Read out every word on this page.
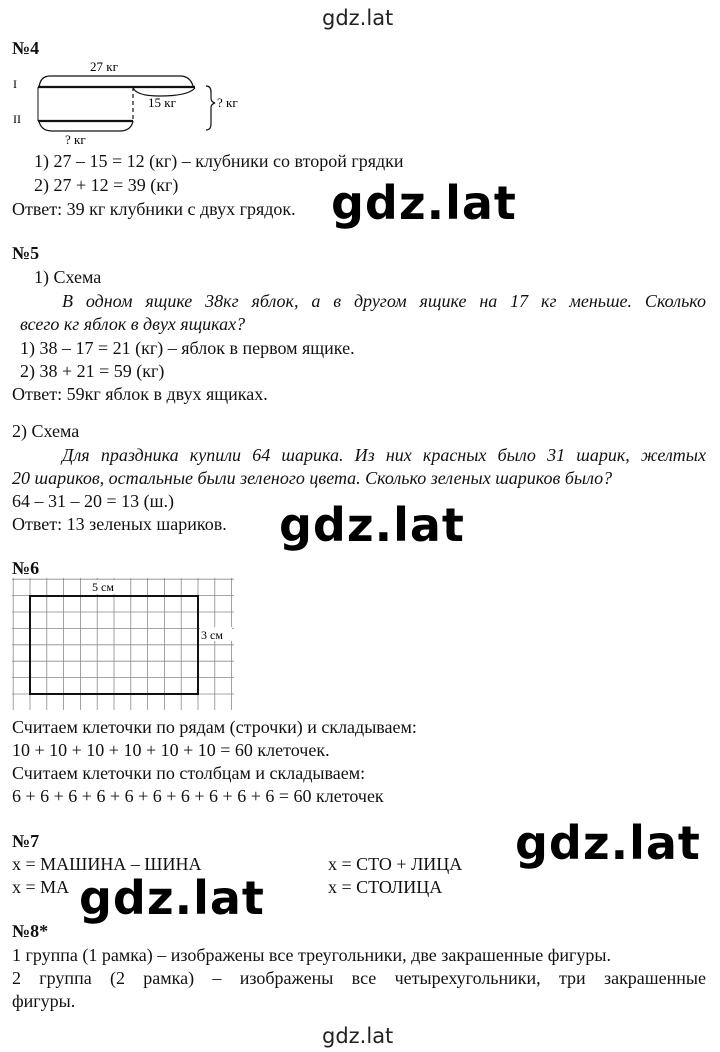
gdz.lat
№4
I
II
27 кг
15 кг
? кг
? кг
1) 27 – 15 = 12 (кг) – клубники со второй грядки
2) 27 + 12 = 39 (кг)
Ответ: 39 кг клубники с двух грядок. gdz.lat
№5
1) Схема
В одном ящике 38кг яблок, а в другом ящике на 17 кг меньше. Сколько
всего кг яблок в двух ящиках?
1) 38 – 17 = 21 (кг) – яблок в первом ящике.
2) 38 + 21 = 59 (кг)
Ответ: 59кг яблок в двух ящиках.
2) Схема
Для праздника купили 64 шарика. Из них красных было 31 шарик, желтых
20 шариков, остальные были зеленого цвета. Сколько зеленых шариков было?
64 – 31 – 20 = 13 (ш.)
Ответ: 13 зеленых шариков. gdz.lat
№6
5 см
3 см
Считаем клеточки по рядам (строчки) и складываем:
10 + 10 + 10 + 10 + 10 + 10 = 60 клеточек.
Считаем клеточки по столбцам и складываем:
6 + 6 + 6 + 6 + 6 + 6 + 6 + 6 + 6 + 6 = 60 клеточек
№7
x = МАШИНА – ШИНА
x = МА
x = СТО + ЛИЦА
x = СТОЛИЦА
gdz.lat
gdz.lat
№8*
1 группа (1 рамка) – изображены все треугольники, две закрашенные фигуры.
2 группа (2 рамка) – изображены все четырехугольники, три закрашенные
фигуры.
gdz.lat
